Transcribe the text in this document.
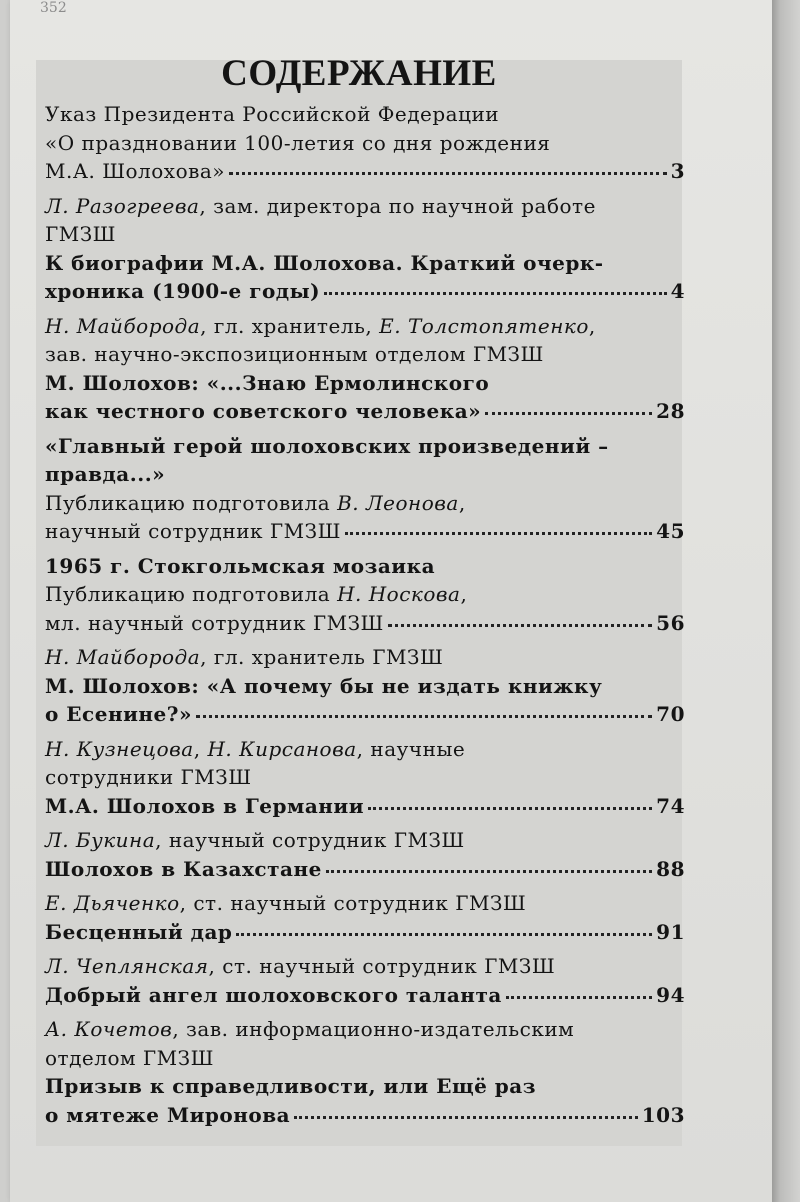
352
СОДЕРЖАНИЕ
Указ Президента Российской Федерации
«О праздновании 100-летия со дня рождения
М.А. Шолохова»	3
Л. Разогреева, зам. директора по научной работе
ГМЗШ
К биографии М.А. Шолохова. Краткий очерк-
хроника (1900-е годы)	4
Н. Майборода, гл. хранитель, Е. Толстопятенко,
зав. научно-экспозиционным отделом ГМЗШ
М. Шолохов: «...Знаю Ермолинского
как честного советского человека»	28
«Главный герой шолоховских произведений –
правда...»
Публикацию подготовила В. Леонова,
научный сотрудник ГМЗШ	45
1965 г. Стокгольмская мозаика
Публикацию подготовила Н. Носкова,
мл. научный сотрудник ГМЗШ	56
Н. Майборода, гл. хранитель ГМЗШ
М. Шолохов: «А почему бы не издать книжку
о Есенине?»	70
Н. Кузнецова, Н. Кирсанова, научные
сотрудники ГМЗШ
М.А. Шолохов в Германии	74
Л. Букина, научный сотрудник ГМЗШ
Шолохов в Казахстане	88
Е. Дьяченко, ст. научный сотрудник ГМЗШ
Бесценный дар	91
Л. Чеплянская, ст. научный сотрудник ГМЗШ
Добрый ангел шолоховского таланта	94
А. Кочетов, зав. информационно-издательским
отделом ГМЗШ
Призыв к справедливости, или Ещё раз
о мятеже Миронова	103
